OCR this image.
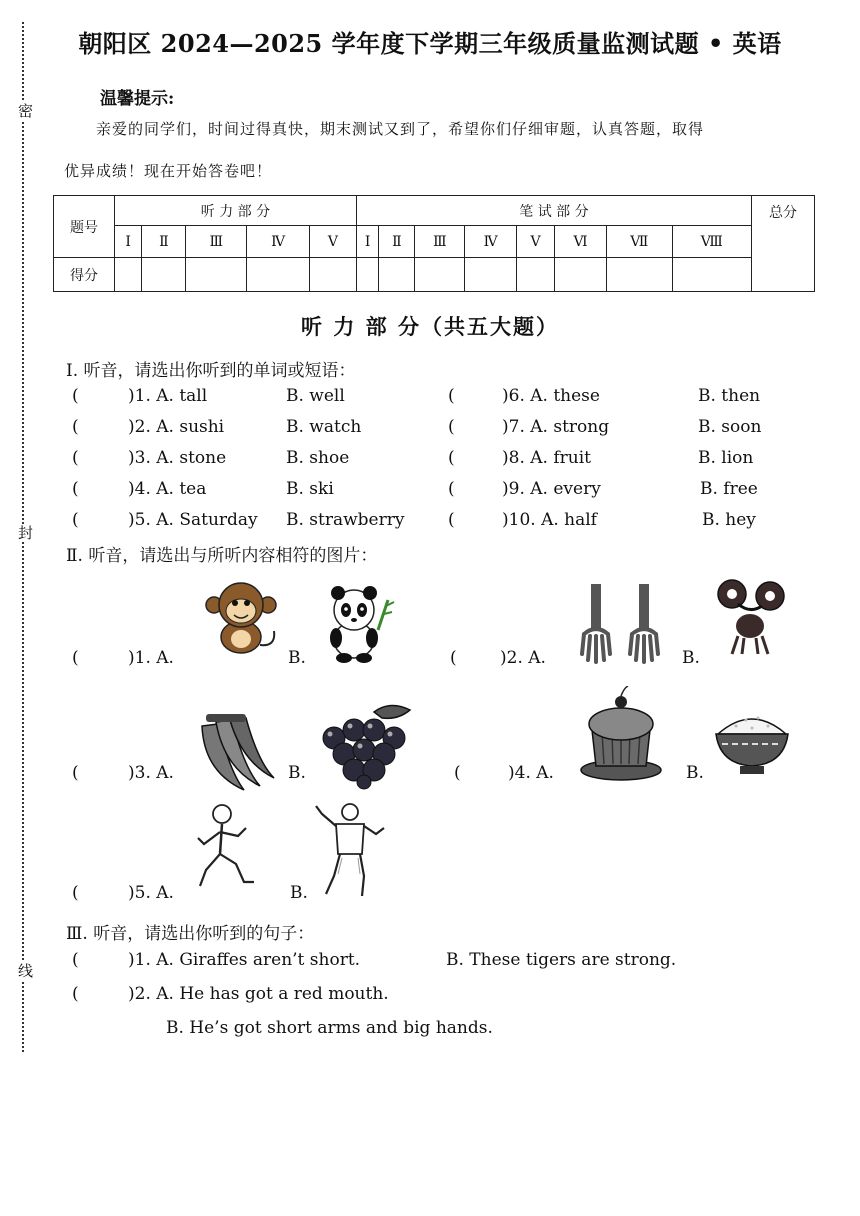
密
封
线
朝阳区 2024—2025 学年度下学期三年级质量监测试题 • 英语
温馨提示:
亲爱的同学们，时间过得真快，期末测试又到了，希望你们仔细审题，认真答题，取得
优异成绩！现在开始答卷吧！
题号	听 力 部 分					笔 试 部 分								总分
	Ⅰ	Ⅱ	Ⅲ	Ⅳ	Ⅴ	Ⅰ	Ⅱ	Ⅲ	Ⅳ	Ⅴ	Ⅵ	Ⅶ	Ⅷ	
得分														
听 力 部 分（共五大题）
Ⅰ. 听音，请选出你听到的单词或短语：
(	)1. A. tall	B. well
(	)2. A. sushi	B. watch
(	)3. A. stone	B. shoe
(	)4. A. tea	B. ski
(	)5. A. Saturday B. strawberry
(	)6. A. these	B. then
(	)7. A. strong	B. soon
(	)8. A. fruit	B. lion
(	)9. A. every	B. free
(	)10. A. half	B. hey
Ⅱ. 听音，请选出与所听内容相符的图片：
(	)1. A.	B.	(	)2. A.	B.
(	)3. A.	B.	(	)4. A.	B.
(	)5. A.	B.
Ⅲ. 听音，请选出你听到的句子：
(	)1. A. Giraffes aren’t short.	B. These tigers are strong.
(	)2. A. He has got a red mouth.
B. He’s got short arms and big hands.
